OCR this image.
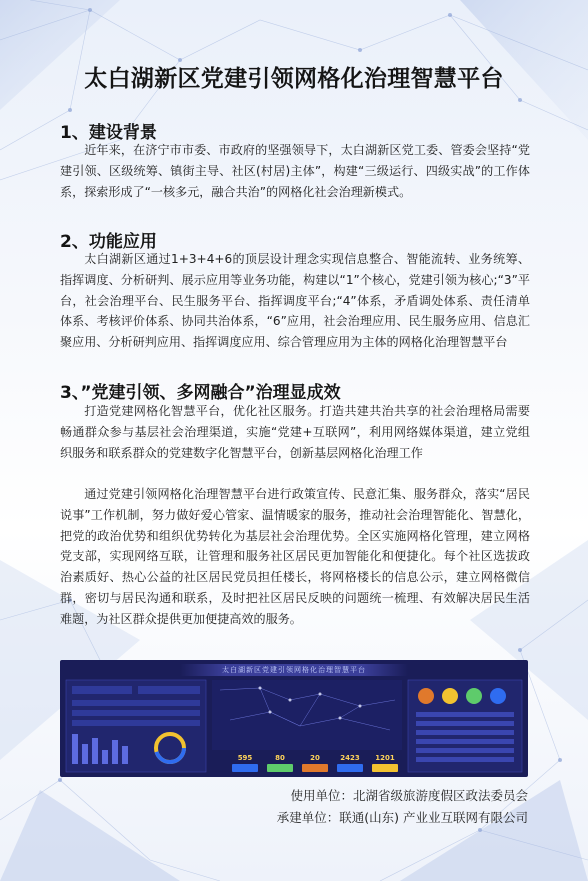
太白湖新区党建引领网格化治理智慧平台
1、建设背景

近年来，在济宁市市委、市政府的坚强领导下，太白湖新区党工委、管委会坚持“党建引领、区级统筹、镇街主导、社区(村居)主体”，构建“三级运行、四级实战”的工作体系，探索形成了“一核多元，融合共治”的网格化社会治理新模式。

2、功能应用

太白湖新区通过1+3+4+6的顶层设计理念实现信息整合、智能流转、业务统筹、指挥调度、分析研判、展示应用等业务功能，构建以“1”个核心，党建引领为核心;“3”平台，社会治理平台、民生服务平台、指挥调度平台;“4”体系，矛盾调处体系、责任清单体系、考核评价体系、协同共治体系，“6”应用，社会治理应用、民生服务应用、信息汇聚应用、分析研判应用、指挥调度应用、综合管理应用为主体的网格化治理智慧平台

3、”党建引领、多网融合”治理显成效

打造党建网格化智慧平台，优化社区服务。打造共建共治共享的社会治理格局需要畅通群众参与基层社会治理渠道，实施“党建+互联网”，利用网络媒体渠道，建立党组织服务和联系群众的党建数字化智慧平台，创新基层网格化治理工作

通过党建引领网格化治理智慧平台进行政策宣传、民意汇集、服务群众，落实“居民说事”工作机制，努力做好爱心管家、温情暖家的服务，推动社会治理智能化、智慧化，把党的政治优势和组织优势转化为基层社会治理优势。全区实施网格化管理，建立网格党支部，实现网络互联，让管理和服务社区居民更加智能化和便捷化。每个社区选拔政治素质好、热心公益的社区居民党员担任楼长，将网格楼长的信息公示，建立网格微信群，密切与居民沟通和联系，及时把社区居民反映的问题统一梳理、有效解决居民生活难题，为社区群众提供更加便捷高效的服务。

太白湖新区党建引领网格化治理智慧平台
595	80	20	2423 1201
使用单位：北湖省级旅游度假区政法委员会
承建单位：联通(山东) 产业业互联网有限公司
